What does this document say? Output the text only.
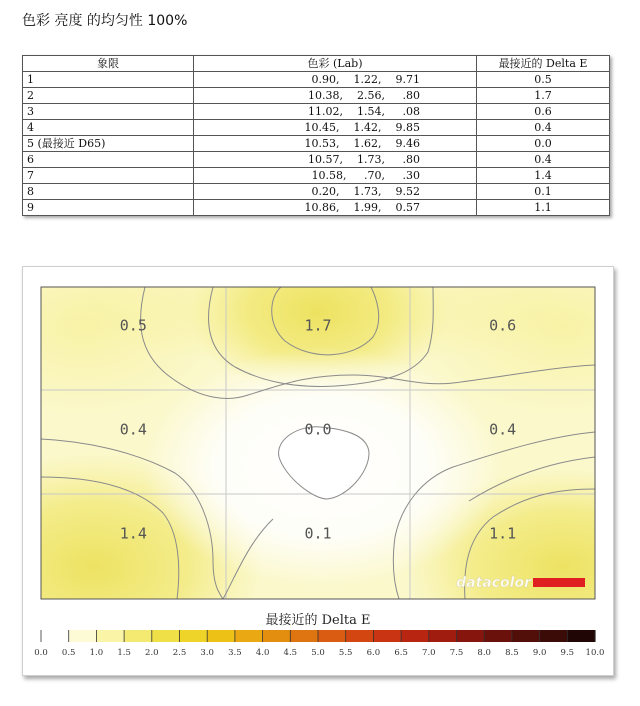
色彩 亮度 的均匀性 100%
象限	色彩 (Lab)	最接近的 Delta E
1	0.90,    1.22,    9.71	0.5
2	10.38,    2.56,     .80	1.7
3	11.02,    1.54,     .08	0.6
4	10.45,    1.42,    9.85	0.4
5 (最接近 D65)	10.53,    1.62,    9.46	0.0
6	10.57,    1.73,     .80	0.4
7	10.58,     .70,     .30	1.4
8	0.20,    1.73,    9.52	0.1
9	10.86,    1.99,    0.57	1.1
0.5	1.7	0.6
0.4	0.0	0.4
1.4	0.1	1.1
datacolor
最接近的 Delta E
0.0 0.5 1.0 1.5 2.0 2.5 3.0 3.5 4.0 4.5 5.0 5.5 6.0 6.5 7.0 7.5 8.0 8.5 9.0 9.5 10.0
